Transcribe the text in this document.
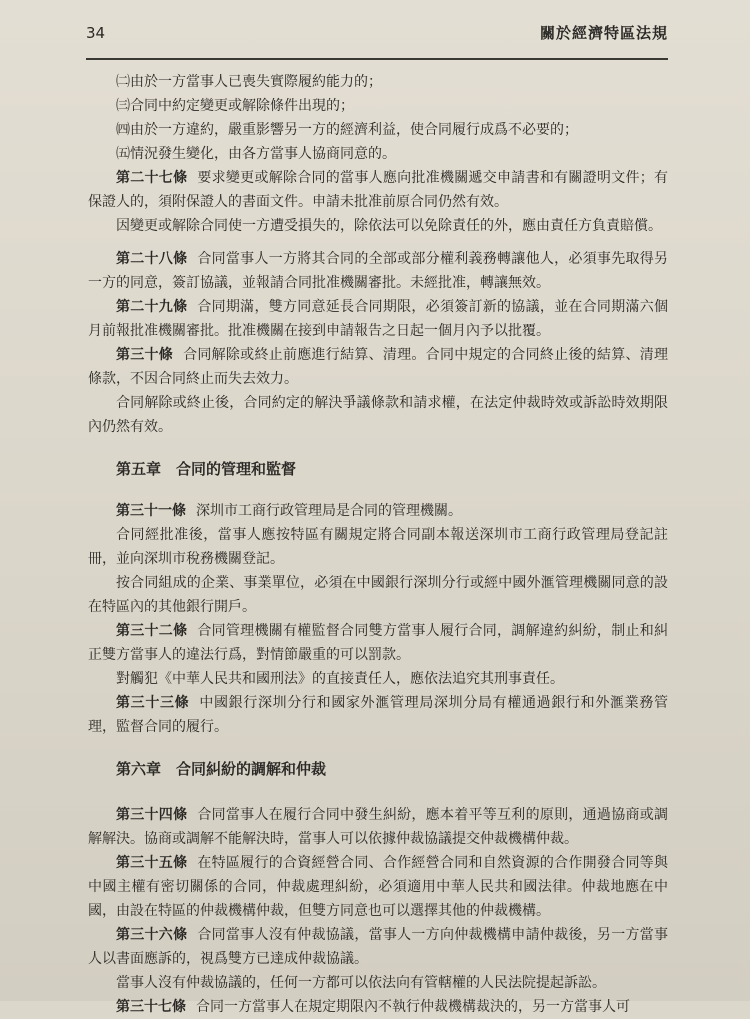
34	關於經濟特區法規

㈡由於一方當事人已喪失實際履約能力的；

㈢合同中約定變更或解除條件出現的；

㈣由於一方違約，嚴重影響另一方的經濟利益，使合同履行成爲不必要的；

㈤情況發生變化，由各方當事人協商同意的。

第二十七條 要求變更或解除合同的當事人應向批准機關遞交申請書和有關證明文件；有保證人的，須附保證人的書面文件。申請未批准前原合同仍然有效。

因變更或解除合同使一方遭受損失的，除依法可以免除責任的外，應由責任方負責賠償。

第二十八條 合同當事人一方將其合同的全部或部分權利義務轉讓他人，必須事先取得另一方的同意，簽訂協議，並報請合同批准機關審批。未經批准，轉讓無效。

第二十九條 合同期滿，雙方同意延長合同期限，必須簽訂新的協議，並在合同期滿六個月前報批准機關審批。批准機關在接到申請報告之日起一個月內予以批覆。

第三十條 合同解除或終止前應進行結算、清理。合同中規定的合同終止後的結算、清理條款，不因合同終止而失去效力。

合同解除或終止後，合同約定的解決爭議條款和請求權，在法定仲裁時效或訴訟時效期限內仍然有效。

第五章　合同的管理和監督

第三十一條 深圳市工商行政管理局是合同的管理機關。

合同經批准後，當事人應按特區有關規定將合同副本報送深圳市工商行政管理局登記註冊，並向深圳市稅務機關登記。

按合同組成的企業、事業單位，必須在中國銀行深圳分行或經中國外滙管理機關同意的設在特區內的其他銀行開戶。

第三十二條 合同管理機關有權監督合同雙方當事人履行合同，調解違約糾紛，制止和糾正雙方當事人的違法行爲，對情節嚴重的可以罰款。

對觸犯《中華人民共和國刑法》的直接責任人，應依法追究其刑事責任。

第三十三條 中國銀行深圳分行和國家外滙管理局深圳分局有權通過銀行和外滙業務管理，監督合同的履行。

第六章　合同糾紛的調解和仲裁

第三十四條 合同當事人在履行合同中發生糾紛，應本着平等互利的原則，通過協商或調解解決。協商或調解不能解決時，當事人可以依據仲裁協議提交仲裁機構仲裁。

第三十五條 在特區履行的合資經營合同、合作經營合同和自然資源的合作開發合同等與中國主權有密切關係的合同，仲裁處理糾紛，必須適用中華人民共和國法律。仲裁地應在中國，由設在特區的仲裁機構仲裁，但雙方同意也可以選擇其他的仲裁機構。

第三十六條 合同當事人沒有仲裁協議，當事人一方向仲裁機構申請仲裁後，另一方當事人以書面應訴的，視爲雙方已達成仲裁協議。

當事人沒有仲裁協議的，任何一方都可以依法向有管轄權的人民法院提起訴訟。

第三十七條 合同一方當事人在規定期限內不執行仲裁機構裁決的，另一方當事人可
